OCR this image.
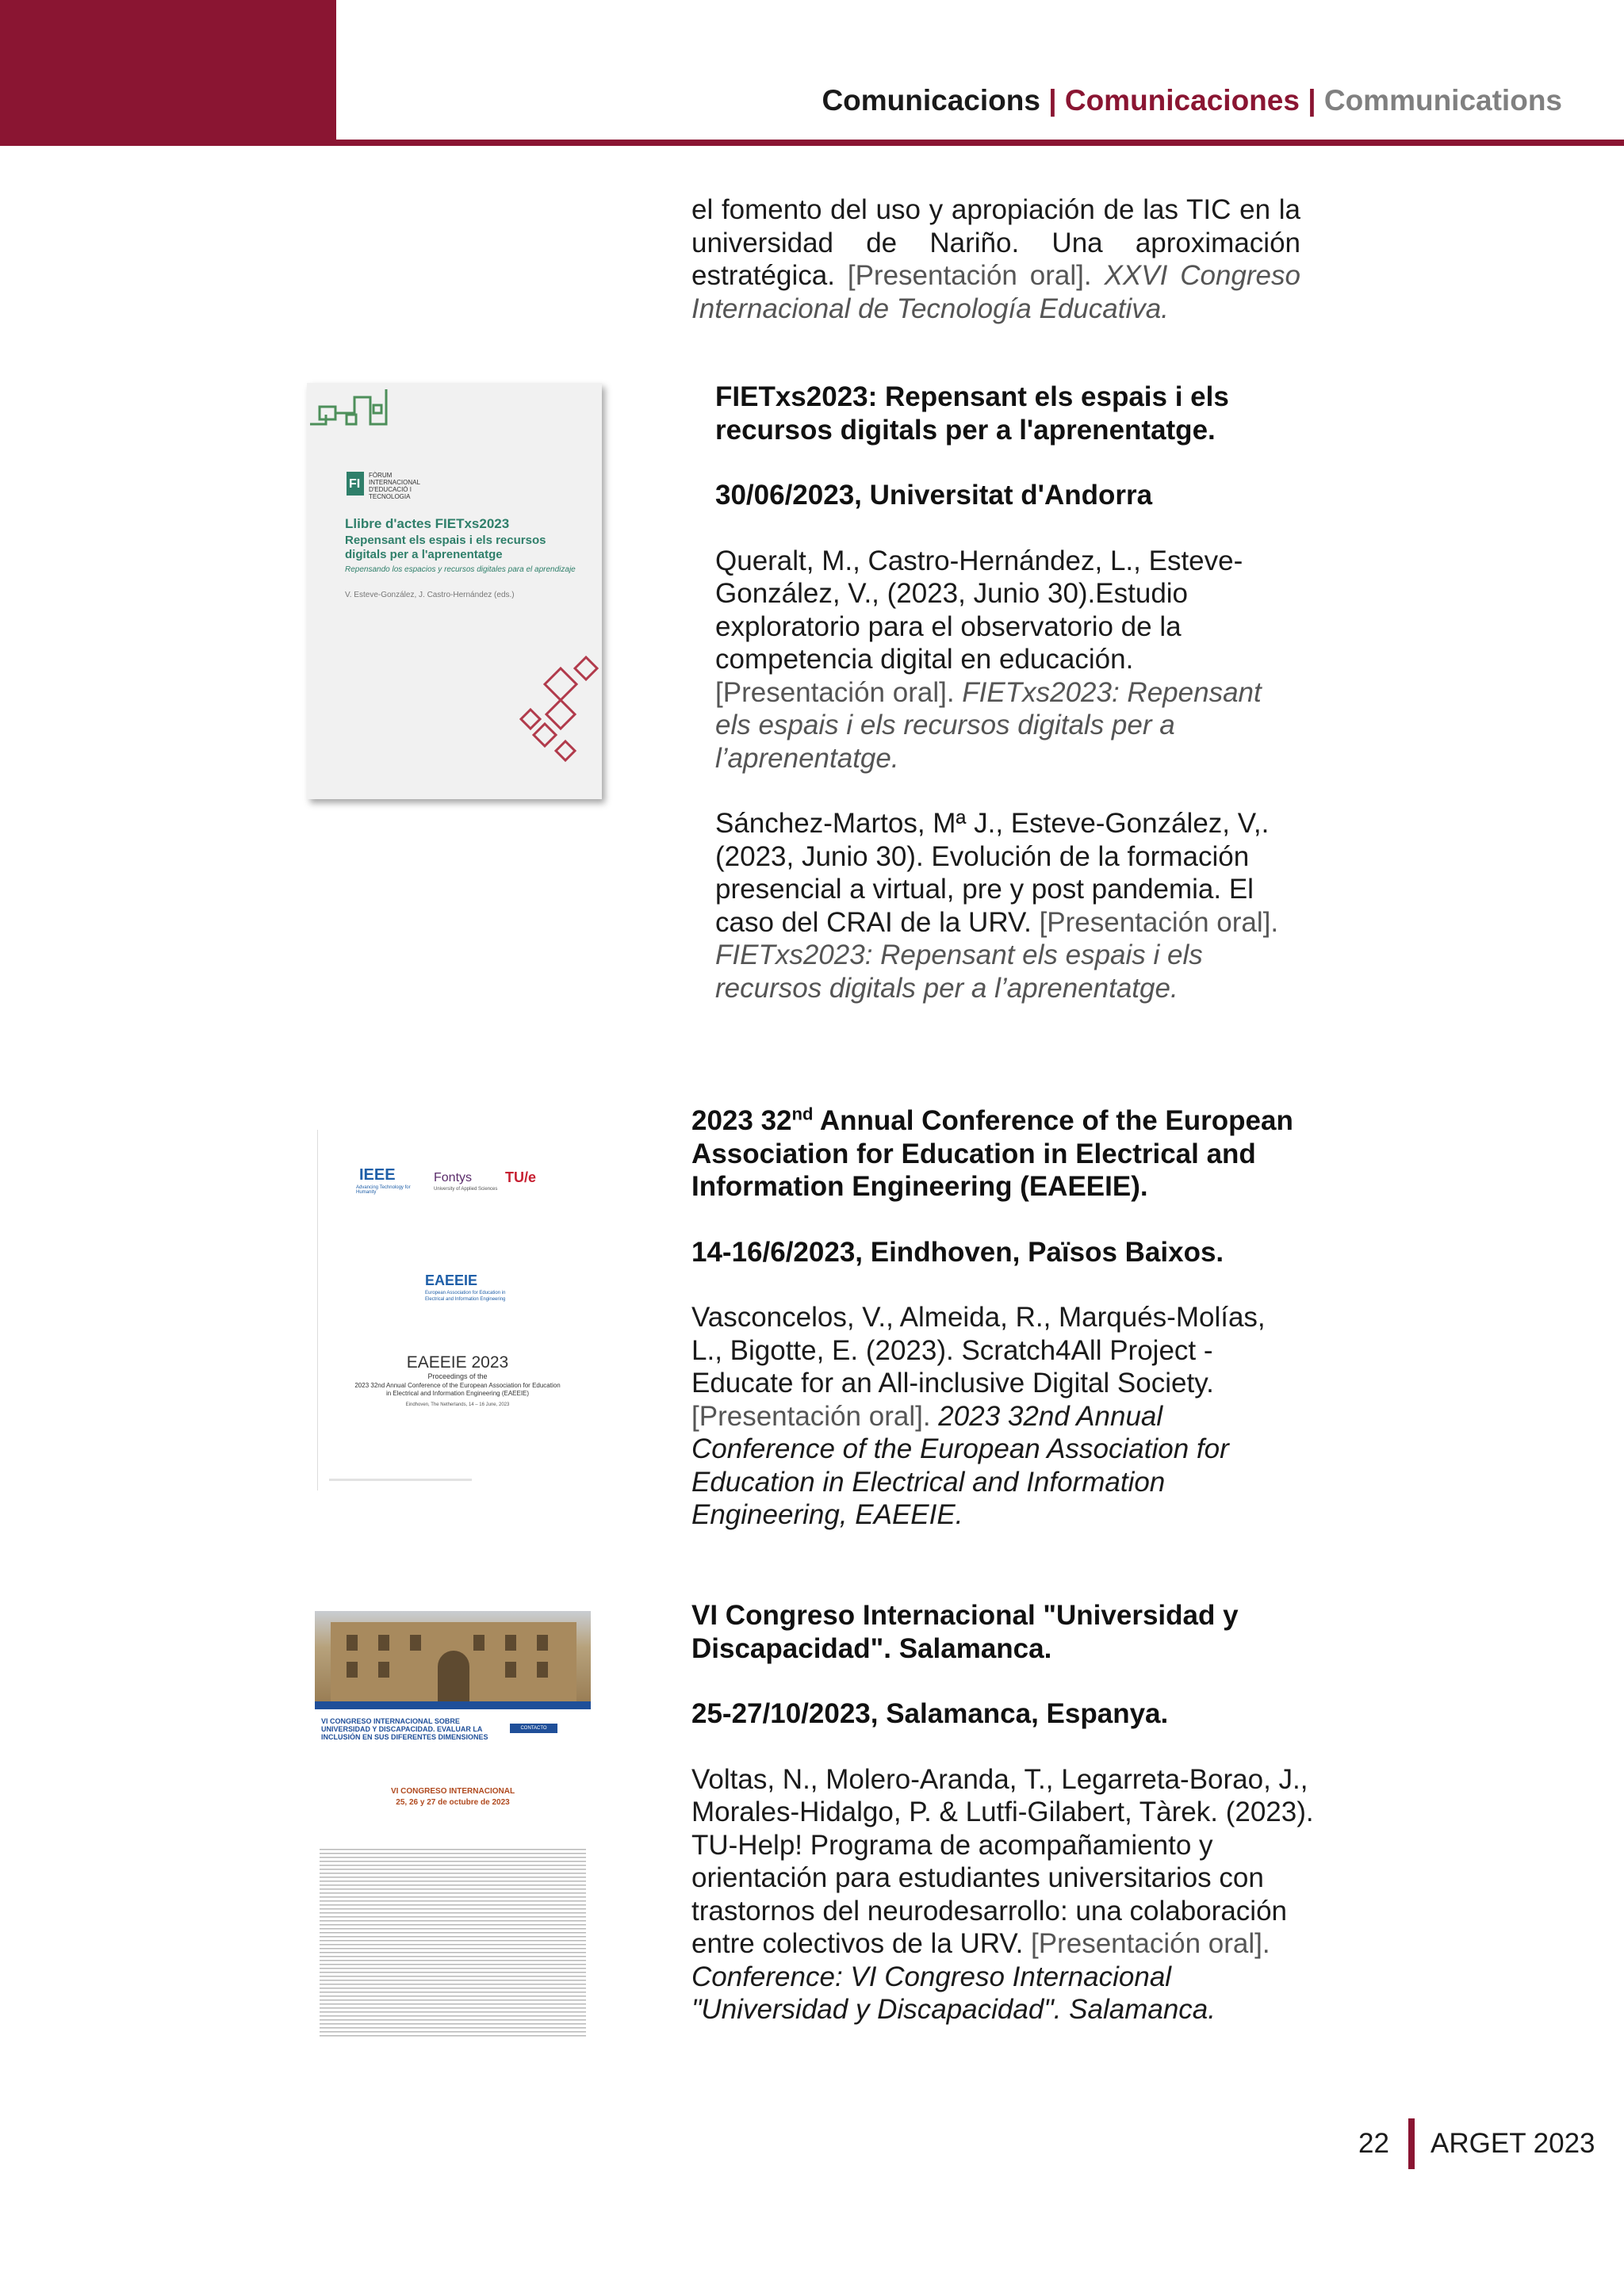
Comunicacions | Comunicaciones | Communications
el fomento del uso y apropiación de las TIC en la universidad de Nariño. Una aproximación estratégica. [Presentación oral]. XXVI Congreso Internacional de Tecnología Educativa.
FI
FÒRUM INTERNACIONAL D'EDUCACIÓ I TECNOLOGIA
Llibre d'actes FIETxs2023
Repensant els espais i els recursos digitals per a l'aprenentatge
Repensando los espacios y recursos digitales para el aprendizaje
V. Esteve-González, J. Castro-Hernández (eds.)

FIETxs2023: Repensant els espais i els recursos digitals per a l'aprenentatge.

30/06/2023, Universitat d'Andorra

Queralt, M., Castro-Hernández, L., Esteve-González, V., (2023, Junio 30).Estudio exploratorio para el observatorio de la competencia digital en educación. [Presentación oral]. FIETxs2023: Repensant els espais i els recursos digitals per a l’aprenentatge.

Sánchez-Martos, Mª J., Esteve-González, V,. (2023, Junio 30). Evolución de la formación presencial a virtual, pre y post pandemia. El caso del CRAI de la URV. [Presentación oral]. FIETxs2023: Repensant els espais i els recursos digitals per a l’aprenentatge.

IEEE
Advancing Technology for Humanity
Fontys
University of Applied Sciences
TU/e
EAEEIE
European Association for Education in Electrical and Information Engineering
EAEEIE 2023
Proceedings of the
2023 32nd Annual Conference of the European Association for Education
in Electrical and Information Engineering (EAEEIE)
Eindhoven, The Netherlands, 14 – 16 June, 2023

2023 32nd Annual Conference of the European Association for Education in Electrical and Information Engineering (EAEEIE).

14-16/6/2023, Eindhoven, Països Baixos.

Vasconcelos, V., Almeida, R., Marqués-Molías, L., Bigotte, E. (2023). Scratch4All Project - Educate for an All-inclusive Digital Society. [Presentación oral]. 2023 32nd Annual Conference of the European Association for Education in Electrical and Information Engineering, EAEEIE.

VI CONGRESO INTERNACIONAL SOBRE UNIVERSIDAD Y DISCAPACIDAD. EVALUAR LA INCLUSIÓN EN SUS DIFERENTES DIMENSIONES
CONTACTO
VI CONGRESO INTERNACIONAL
25, 26 y 27 de octubre de 2023

VI Congreso Internacional "Universidad y Discapacidad". Salamanca.

25-27/10/2023, Salamanca, Espanya.

Voltas, N., Molero-Aranda, T., Legarreta-Borao, J., Morales-Hidalgo, P. & Lutfi-Gilabert, Tàrek. (2023). TU-Help! Programa de acompañamiento y orientación para estudiantes universitarios con trastornos del neurodesarrollo: una colaboración entre colectivos de la URV. [Presentación oral]. Conference: VI Congreso Internacional "Universidad y Discapacidad". Salamanca.

22 ARGET 2023
